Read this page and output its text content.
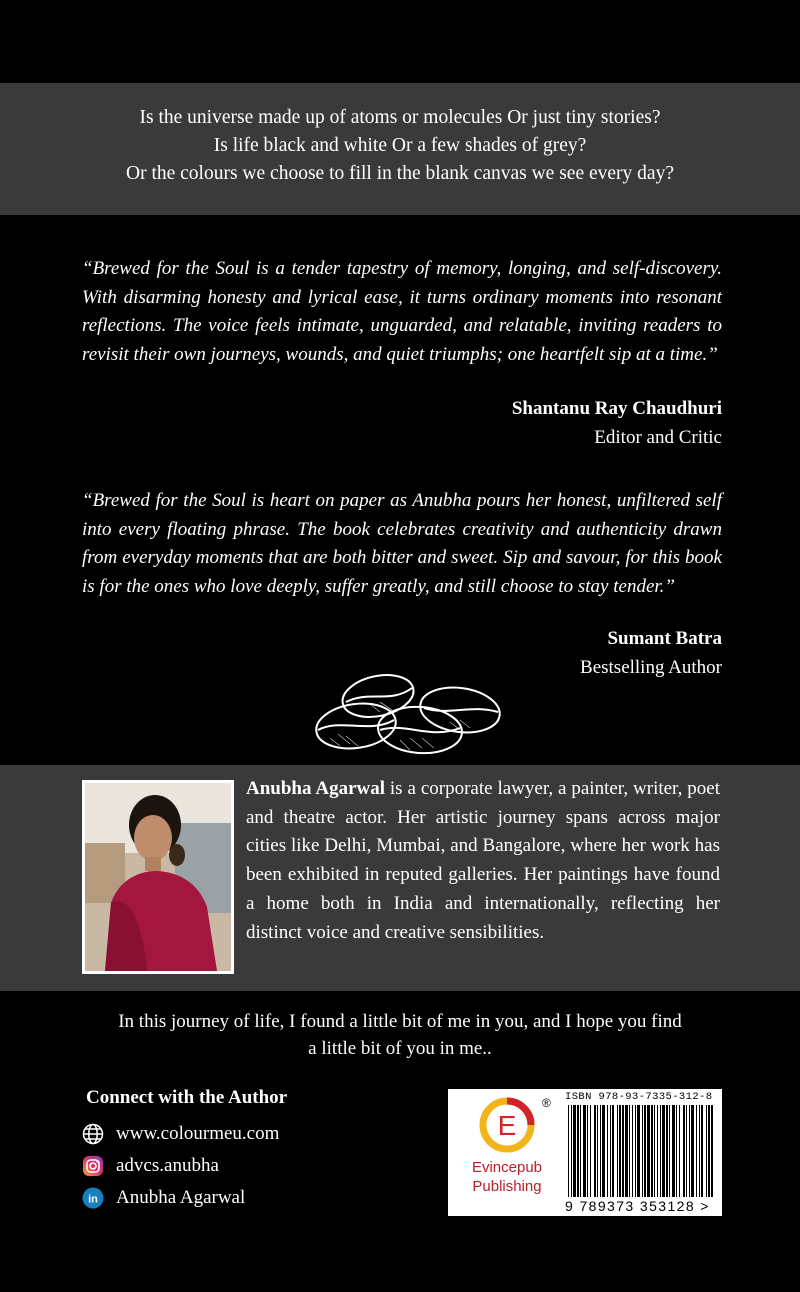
Is the universe made up of atoms or molecules Or just tiny stories?
Is life black and white Or a few shades of grey?
Or the colours we choose to fill in the blank canvas we see every day?
“Brewed for the Soul is a tender tapestry of memory, longing, and self-discovery. With disarming honesty and lyrical ease, it turns ordinary moments into resonant reflections. The voice feels intimate, unguarded, and relatable, inviting readers to revisit their own journeys, wounds, and quiet triumphs; one heartfelt sip at a time.”
Shantanu Ray Chaudhuri
Editor and Critic
“Brewed for the Soul is heart on paper as Anubha pours her honest, unfiltered self into every floating phrase. The book celebrates creativity and authenticity drawn from everyday moments that are both bitter and sweet. Sip and savour, for this book is for the ones who love deeply, suffer greatly, and still choose to stay tender.”
Sumant Batra
Bestselling Author
Anubha Agarwal is a corporate lawyer, a painter, writer, poet and theatre actor. Her artistic journey spans across major cities like Delhi, Mumbai, and Bangalore, where her work has been exhibited in reputed galleries. Her paintings have found a home both in India and internationally, reflecting her distinct voice and creative sensibilities.
In this journey of life, I found a little bit of me in you, and I hope you find
a little bit of you in me..
Connect with the Author
www.colourmeu.com
advcs.anubha
in Anubha Agarwal
E
®
Evincepub
Publishing
ISBN 978-93-7335-312-8
9 789373 353128 >
